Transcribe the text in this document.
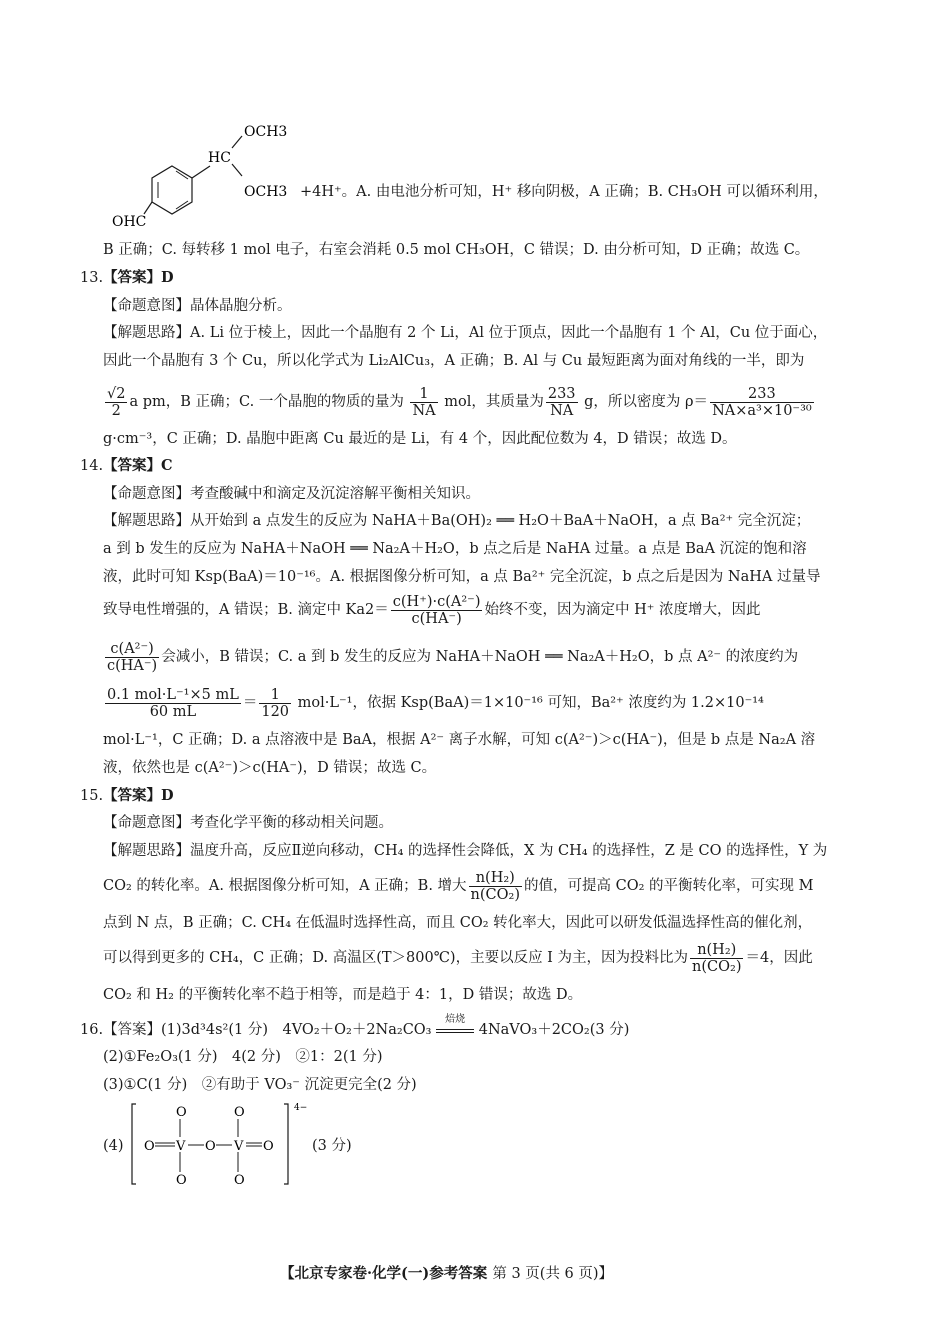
OCH3
HC
OCH3
OHC
+4H⁺。A. 由电池分析可知，H⁺ 移向阴极，A 正确；B. CH₃OH 可以循环利用，
B 正确；C. 每转移 1 mol 电子，右室会消耗 0.5 mol CH₃OH，C 错误；D. 由分析可知，D 正确；故选 C。
13. 【答案】D
【命题意图】晶体晶胞分析。
【解题思路】A. Li 位于棱上，因此一个晶胞有 2 个 Li，Al 位于顶点，因此一个晶胞有 1 个 Al，Cu 位于面心，
因此一个晶胞有 3 个 Cu，所以化学式为 Li₂AlCu₃，A 正确；B. Al 与 Cu 最短距离为面对角线的一半，即为
$\frac{√2}{2}$ a pm，B 正确；C. 一个晶胞的物质的量为 $\frac{1}{NA}$ mol，其质量为 $\frac{233}{NA}$ g，所以密度为 $\rho= \frac{233}{\text{NA×a³×10⁻³⁰}}$
g·cm⁻³，C 正确；D. 晶胞中距离 Cu 最近的是 Li，有 4 个，因此配位数为 4，D 错误；故选 D。
14. 【答案】C
【命题意图】考查酸碱中和滴定及沉淀溶解平衡相关知识。
【解题思路】从开始到 a 点发生的反应为 NaHA＋Ba(OH)₂ ══ H₂O＋BaA＋NaOH，a 点 Ba²⁺ 完全沉淀；
a 到 b 发生的反应为 NaHA＋NaOH ══ Na₂A＋H₂O，b 点之后是 NaHA 过量。a 点是 BaA 沉淀的饱和溶
液，此时可知 Ksp(BaA)＝10⁻¹⁶。A. 根据图像分析可知，a 点 Ba²⁺ 完全沉淀，b 点之后是因为 NaHA 过量导
致导电性增强的，A 错误；B. 滴定中 $Ka2= \frac{\text{c(H⁺)·c(A²⁻)}}{c(HA^-)}$ 始终不变，因为滴定中 H⁺ 浓度增大，因此
$\frac{\text{c(A²⁻)}}{c(HA^-)}$ 会减小，B 错误；C. a 到 b 发生的反应为 NaHA＋NaOH ══ Na₂A＋H₂O，b 点 A²⁻ 的浓度约为
$\frac{\text{0.1 mol·L⁻¹×5 mL}}{60 mL} = \frac{1}{120} mol\cdot L^{-1}$，依据 Ksp(BaA)＝1×10⁻¹⁶ 可知，Ba²⁺ 浓度约为 1.2×10⁻¹⁴
mol·L⁻¹，C 正确；D. a 点溶液中是 BaA，根据 A²⁻ 离子水解，可知 c(A²⁻)＞c(HA⁻)，但是 b 点是 Na₂A 溶
液，依然也是 c(A²⁻)＞c(HA⁻)，D 错误；故选 C。
15. 【答案】D
【命题意图】考查化学平衡的移动相关问题。
【解题思路】温度升高，反应Ⅱ逆向移动，CH₄ 的选择性会降低，X 为 CH₄ 的选择性，Z 是 CO 的选择性，Y 为
CO₂ 的转化率。A. 根据图像分析可知，A 正确；B. 增大 $\frac{\text{n(H₂)}}{\text{n(CO₂)}}$ 的值，可提高 CO₂ 的平衡转化率，可实现 M
点到 N 点，B 正确；C. CH₄ 在低温时选择性高，而且 CO₂ 转化率大，因此可以研发低温选择性高的催化剂，
可以得到更多的 CH₄，C 正确；D. 高温区(T＞800℃)，主要以反应 Ⅰ 为主，因为投料比为 $\frac{\text{n(H₂)}}{\text{n(CO₂)}} =4$，因此
CO₂ 和 H₂ 的平衡转化率不趋于相等，而是趋于 4：1，D 错误；故选 D。
16. 【答案】(1)3d³4s²(1 分)　4VO₂＋O₂＋2Na₂CO₃
焙烧
4NaVO₃＋2CO₂(3 分)
(2)①Fe₂O₃(1 分)　4(2 分)　②1：2(1 分)
(3)①C(1 分)　②有助于 VO₃⁻ 沉淀更完全(2 分)
(4)
4−
O	O
O V O V O
O	O
(3 分)
【北京专家卷·化学(一)参考答案 第 3 页(共 6 页)】
